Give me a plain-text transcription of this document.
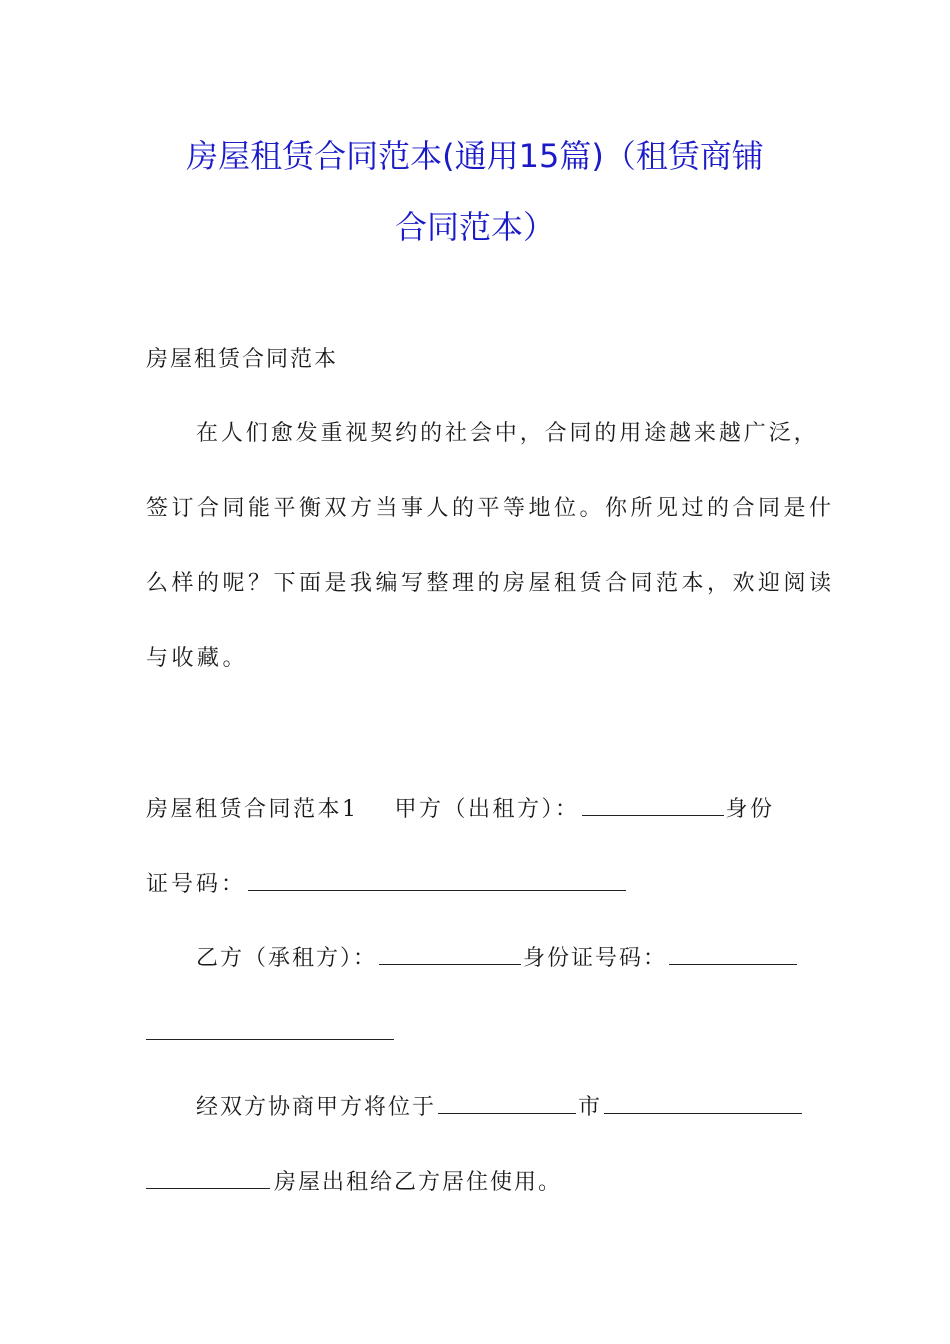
房屋租赁合同范本(通用15篇)（租赁商铺
合同范本）
房屋租赁合同范本
在人们愈发重视契约的社会中，合同的用途越来越广泛，
签订合同能平衡双方当事人的平等地位。你所见过的合同是什
么样的呢？下面是我编写整理的房屋租赁合同范本，欢迎阅读
与收藏。
房屋租赁合同范本1 甲方（出租方）：	身份
证号码：
乙方（承租方）：	身份证号码：
经双方协商甲方将位于	市
房屋出租给乙方居住使用。
